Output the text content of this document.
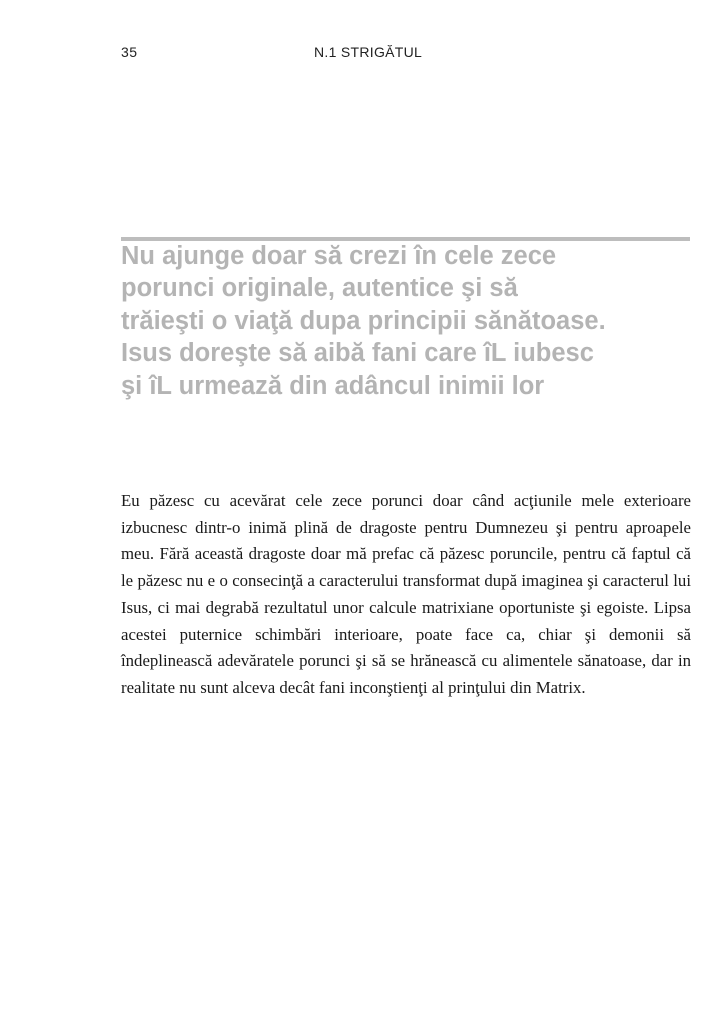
35	N.1 STRIGĂTUL
Nu ajunge doar să crezi în cele zece
porunci originale, autentice şi să
trăieşti o viaţă dupa principii sănătoase.
Isus doreşte să aibă fani care îL iubesc
şi îL urmează din adâncul inimii lor

Eu păzesc cu acevărat cele zece porunci doar când acţiunile mele exterioare izbucnesc dintr-o inimă plină de dragoste pentru Dumnezeu şi pentru aproapele meu. Fără această dragoste doar mă prefac că păzesc poruncile, pentru că faptul că le păzesc nu e o consecinţă a caracterului transformat după imaginea şi caracterul lui Isus, ci mai degrabă rezultatul unor calcule matrixiane oportuniste şi egoiste. Lipsa acestei puternice schimbări interioare, poate face ca, chiar şi demonii să îndeplinească adevăratele porunci şi să se hrănească cu alimentele sănatoase, dar in realitate nu sunt alceva decât fani inconştienţi al prinţului din Matrix.
